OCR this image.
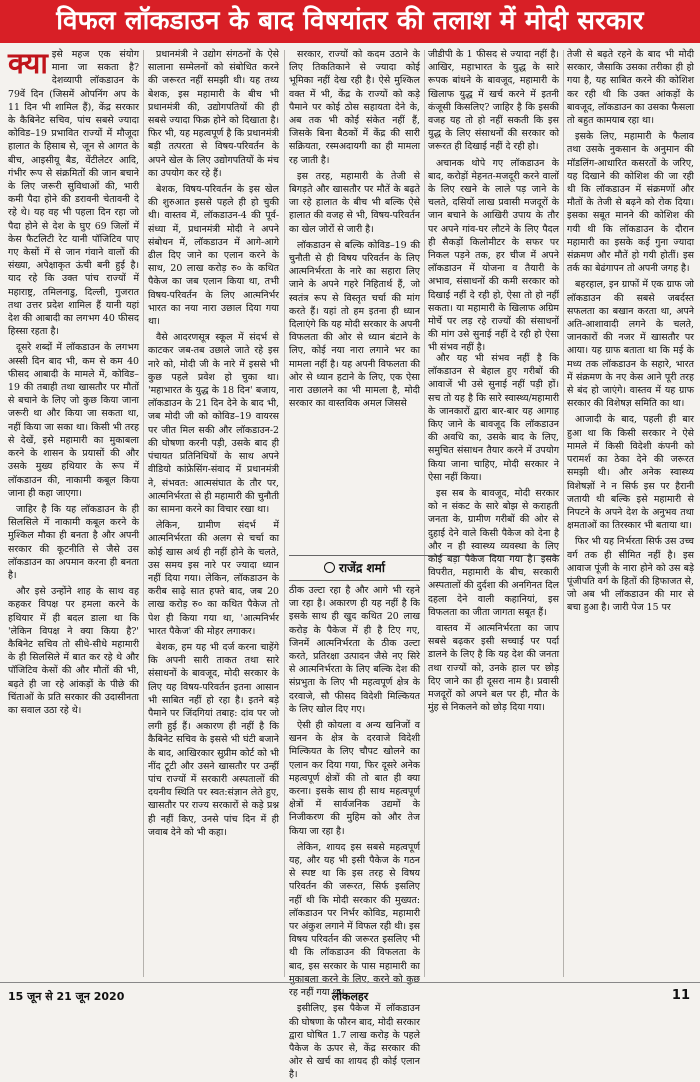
विफल लॉकडाउन के बाद विषयांतर की तलाश में मोदी सरकार
क्या इसे महज एक संयोग माना जा सकता है? देशव्यापी लॉकडाउन के 79वें दिन (जिसमें ओपनिंग अप के 11 दिन भी शामिल हैं), केंद्र सरकार के कैबिनेट सचिव, पांच सबसे ज्यादा कोविड–19 प्रभावित राज्यों में मौजूदा हालात के हिसाब से, जून से आगत के बीच, आइसीयू बैड, वेंटीलेटर आदि, गंभीर रूप से संक्रमितों की जान बचाने के लिए जरूरी सुविधाओं की, भारी कमी पैदा होने की डरावनी चेतावनी दे रहे थे। यह वह भी पहला दिन रहा जो पैदा होने से देश के घुए 69 जिलों में केस फैटलिटी रेट यानी पॉजिटिव पाए गए केसों में से जान गंवाने वालों की संख्या, अपेक्षाकृत ऊंची बनी हुई है। याद रहे कि उक्त पांच राज्यों में महाराष्ट्र, तमिलनाडु, दिल्ली, गुजरात तथा उत्तर प्रदेश शामिल हैं यानी यहां देश की आबादी का लगभग 40 फीसद हिस्सा रहता है।

दूसरे शब्दों में लॉकडाउन के लगभग अस्सी दिन बाद भी, कम से कम 40 फीसद आबादी के मामले में, कोविड–19 की तबाही तथा खासतौर पर मौतों से बचाने के लिए जो कुछ किया जाना जरूरी था और किया जा सकता था, नहीं किया जा सका था। किसी भी तरह से देखें, इसे महामारी का मुकाबला करने के शासन के प्रयासों की और उसके मुख्य हथियार के रूप में लॉकडाउन की, नाकामी कबूल किया जाना ही कहा जाएगा।

जाहिर है कि यह लॉकडाउन के ही सिलसिले में नाकामी कबूल करने के मुश्किल मौका ही बनता है और अपनी सरकार की कूटनीति से जैसे उस लॉकडाउन का अपमान करना ही बनता है।

और इसे उन्होंने शाह के साथ वह कहकर विपक्ष पर हमला करने के हथियार में ही बदल डाला था कि 'लेकिन विपक्ष ने क्या किया है?' कैबिनेट सचिव तो सीधे-सीधे महामारी के ही सिलसिले में बात कर रहे थे और पॉजिटिव केसों की और मौतों की भी, बढ़ते ही जा रहे आंकड़ों के पीछे की चिंताओं के प्रति सरकार की उदासीनता का सवाल उठा रहे थे।

प्रधानमंत्री ने उद्योग संगठनों के ऐसे सालाना सम्मेलनों को संबोधित करने की जरूरत नहीं समझी थी। यह तथ्य बेशक, इस महामारी के बीच भी प्रधानमंत्री की, उद्योगपतियों की ही सबसे ज्यादा फिक्र होने को दिखाता है। फिर भी, यह महत्वपूर्ण है कि प्रधानमंत्री बड़ी तत्परता से विषय-परिवर्तन के अपने खेल के लिए उद्योगपतियों के मंच का उपयोग कर रहे हैं।

बेशक, विषय-परिवर्तन के इस खेल की शुरुआत इससे पहले ही हो चुकी थी। वास्तव में, लॉकडाउन-4 की पूर्व-संध्या में, प्रधानमंत्री मोदी ने अपने संबोधन में, लॉकडाउन में आगे-आगे ढील दिए जाने का एलान करने के साथ, 20 लाख करोड़ रु० के कथित पैकेज का जब एलान किया था, तभी विषय-परिवर्तन के लिए आत्मनिर्भर भारत का नया नारा उछाल दिया गया था।

वैसे आदरणसूत्र स्कूल में संदर्भ से काटकर जब-तब उछाले जाते रहे इस नारे को, मोदी जी के नारे में इससे भी कुछ पहले प्रवेश हो चुका था। 'महाभारत के युद्ध के 18 दिन' बजाय, लॉकडाउन के 21 दिन देने के बाद भी, जब मोदी जी को कोविड–19 वायरस पर जीत मिल सकी और लॉकडाउन-2 की घोषणा करनी पड़ी, उसके बाद ही पंचायत प्रतिनिधियों के साथ अपने वीडियो कांफ्रेसिंग-संवाद में प्रधानमंत्री ने, संभवत: आत्मसंघात के तौर पर, आत्मनिर्भरता से ही महामारी की चुनौती का सामना करने का विचार रखा था।

लेकिन, ग्रामीण संदर्भ में आत्मनिर्भरता की अलग से चर्चा का कोई खास अर्थ ही नहीं होने के चलते, उस समय इस नारे पर ज्यादा ध्यान नहीं दिया गया। लेकिन, लॉकडाउन के करीब साढ़े सात हफ्ते बाद, जब 20 लाख करोड़ रु० का कथित पैकेज तो पेश ही किया गया था, 'आत्मनिर्भर भारत पैकेज' की मोहर लगाकर।

बेशक, हम यह भी दर्ज करना चाहेंगे कि अपनी सारी ताकत तथा सारे संसाधनों के बावजूद, मोदी सरकार के लिए यह विषय-परिवर्तन इतना आसान भी साबित नहीं हो रहा है। इतने बड़े पैमाने पर जिंदगियां तबाह: दांव पर जो लगी हुई हैं। अकारण ही नहीं है कि कैबिनेट सचिव के इससे भी घंटी बजाने के बाद, आखिरकार सुप्रीम कोर्ट को भी नींद टूटी और उसने खासतौर पर उन्हीं पांच राज्यों में सरकारी अस्पतालों की दयनीय स्थिति पर स्वत:संज्ञान लेते हुए, खासतौर पर राज्य सरकारों से कड़े प्रश्न ही नहीं किए, उनसे पांच दिन में ही जवाब देने को भी कहा।

सरकार, राज्यों को कदम उठाने के लिए तिकतिकाने से ज्यादा कोई भूमिका नहीं देख रही है। ऐसे मुश्किल वक्त में भी, केंद्र के राज्यों को कड़े पैमाने पर कोई ठोस सहायता देने के, अब तक भी कोई संकेत नहीं हैं, जिसके बिना बैठकों में केंद्र की सारी सक्रियता, रस्मअदायगी का ही मामला रह जाती है।

इस तरह, महामारी के तेजी से बिगड़ते और खासतौर पर मौतें के बढ़ते जा रहे हालात के बीच भी बल्कि ऐसे हालात की वजह से भी, विषय-परिवर्तन का खेल जोरों से जारी है।

लॉकडाउन से बल्कि कोविड–19 की चुनौती से ही विषय परिवर्तन के लिए आत्मनिर्भरता के नारे का सहारा लिए जाने के अपने गहरे निहितार्थ हैं, जो स्वतंत्र रूप से विस्तृत चर्चा की मांग करते हैं। यहां तो हम इतना ही ध्यान दिलाएंगे कि यह मोदी सरकार के अपनी विफलता की ओर से ध्यान बंटाने के लिए, कोई नया नारा लगाने भर का मामला नहीं है। यह अपनी विफलता की ओर से ध्यान हटाने के लिए, एक ऐसा नारा उछालने का भी मामला है, मोदी सरकार का वास्तविक अमल जिससे

जीडीपी के 1 फीसद से ज्यादा नहीं है। आखिर, महाभारत के युद्ध के सारे रूपक बांधने के बावजूद, महामारी के खिलाफ युद्ध में खर्च करने में इतनी कंजूसी किसलिए? जाहिर है कि इसकी वजह यह तो हो नहीं सकती कि इस युद्ध के लिए संसाधनों की सरकार को जरूरत ही दिखाई नहीं दे रही हो।

अचानक थोपे गए लॉकडाउन के बाद, करोड़ों मेहनत-मजदूरी करने वालों के लिए रखने के लाले पड़ जाने के चलते, दसियों लाख प्रवासी मजदूरों के जान बचाने के आखिरी उपाय के तौर पर अपने गांव-घर लौटने के लिए पैदल ही सैकड़ों किलोमीटर के सफर पर निकल पड़ने तक, हर चीज में अपने लॉकडाउन में योजना व तैयारी के अभाव, संसाधनों की कमी सरकार को दिखाई नहीं दे रही हो, ऐसा तो हो नहीं सकता। या महामारी के खिलाफ अग्रिम मोर्चे पर लड़ रहे राज्यों की संसाधनों की मांग उसे सुनाई नहीं दे रही हो ऐसा भी संभव नहीं है।

राजेंद्र शर्मा

ठीक उल्टा रहा है और आगे भी रहने जा रहा है। अकारण ही यह नहीं है कि इसके साथ ही खुद कथित 20 लाख करोड़ के पैकेज में ही है टिए गए, जिनमें आत्मनिर्भरता के ठीक उल्टा करते, प्रतिरक्षा उत्पादन जैसे नए सिरे से आत्मनिर्भरता के लिए बल्कि देश की संप्रभुता के लिए भी महत्वपूर्ण क्षेत्र के दरवाजे, सौ फीसद विदेशी मिल्कियत के लिए खोल दिए गए।

ऐसी ही कोयला व अन्य खनिजों व खनन के क्षेत्र के दरवाजे विदेशी मिल्कियत के लिए चौपट खोलने का एलान कर दिया गया, फिर दूसरे अनेक महत्वपूर्ण क्षेत्रों की तो बात ही क्या करना। इसके साथ ही साथ महत्वपूर्ण क्षेत्रों में सार्वजनिक उद्यमों के निजीकरण की मुहिम को और तेज किया जा रहा है।

लेकिन, शायद इस सबसे महत्वपूर्ण यह, और यह भी इसी पैकेज के गठन से स्पष्ट था कि इस तरह से विषय परिवर्तन की जरूरत, सिर्फ इसलिए नहीं थी कि मोदी सरकार की मुख्यत: लॉकडाउन पर निर्भर कोविड, महामारी पर अंकुश लगाने में विफल रही थी। इस विषय परिवर्तन की जरूरत इसलिए भी थी कि लॉकडाउन की विफलता के बाद, इस सरकार के पास महामारी का मुकाबला करने के लिए, करने को कुछ रह नहीं गया था।

इसीलिए, इस पैकेज में लॉकडाउन की घोषणा के फौरन बाद, मोदी सरकार द्वारा घोषित 1.7 लाख करोड़ के पहले पैकेज के ऊपर से, केंद्र सरकार की ओर से खर्च का शायद ही कोई एलान है।

और यह भी संभव नहीं है कि लॉकडाउन से बेहाल हुए गरीबों की आवाजें भी उसे सुनाई नहीं पड़ी हों। सच तो यह है कि सारे स्वास्थ्य/महामारी के जानकारों द्वारा बार-बार यह आगाह किए जाने के बावजूद कि लॉकडाउन की अवधि का, उसके बाद के लिए, समुचित संसाधन तैयार करने में उपयोग किया जाना चाहिए, मोदी सरकार ने ऐसा नहीं किया।

इस सब के बावजूद, मोदी सरकार को न संकट के सारे बोझ से कराहती जनता के, ग्रामीण गरीबों की ओर से दुहाई देने वाले किसी पैकेज को देना है और न ही स्वास्थ्य व्यवस्था के लिए कोई बड़ा पैकेज दिया गया है। इसके विपरीत, महामारी के बीच, सरकारी अस्पतालों की दुर्दशा की अनगिनत दिल दहला देने वाली कहानियां, इस विफलता का जीता जागता सबूत हैं।

वास्तव में आत्मनिर्भरता का जाप सबसे बढ़कर इसी सच्चाई पर पर्दा डालने के लिए है कि यह देश की जनता तथा राज्यों को, उनके हाल पर छोड़ दिए जाने का ही दूसरा नाम है। प्रवासी मजदूरों को अपने बल पर ही, मौत के मुंह से निकलने को छोड़ दिया गया।

तेजी से बढ़ते रहने के बाद भी मोदी सरकार, जैसाकि उसका तरीका ही हो गया है, यह साबित करने की कोशिश कर रही थी कि उक्त आंकड़ों के बावजूद, लॉकडाउन का उसका फैसला तो बहुत कामयाब रहा था।

इसके लिए, महामारी के फैलाव तथा उसके नुकसान के अनुमान की मॉडलिंग-आधारित कसरतों के जरिए, यह दिखाने की कोशिश की जा रही थी कि लॉकडाउन में संक्रमणों और मौतों के तेजी से बढ़ने को रोक दिया। इसका सबूत मानने की कोशिश की गयी थी कि लॉकडाउन के दौरान महामारी का इसके कई गुना ज्यादा संक्रमण और मौतें हो गयी होतीं। इस तर्क का बेढंगापन तो अपनी जगह है।

बहरहाल, इन ग्राफों में एक ग्राफ जो लॉकडाउन की सबसे जबर्दस्त सफलता का बखान करता था, अपने अति-आशावादी लगने के चलते, जानकारों की नजर में खासतौर पर आया। यह ग्राफ बताता था कि मई के मध्य तक लॉकडाउन के सहारे, भारत में संक्रमण के नए केस आने पूरी तरह से बंद हो जाएंगे। वास्तव में यह ग्राफ सरकार की विशेषज्ञ समिति का था।

आजादी के बाद, पहली ही बार हुआ था कि किसी सरकार ने ऐसे मामले में किसी विदेशी कंपनी को परामर्श का ठेका देने की जरूरत समझी थी। और अनेक स्वास्थ्य विशेषज्ञों ने न सिर्फ इस पर हैरानी जतायी थी बल्कि इसे महामारी से निपटने के अपने देश के अनुभव तथा क्षमताओं का तिरस्कार भी बताया था।

फिर भी यह निर्भरता सिर्फ उस उच्च वर्ग तक ही सीमित नहीं है। इस आवाज पूंजी के नारा होने को उस बड़े पूंजीपति वर्ग के हितों की हिफाजत से, जो अब भी लॉकडाउन की मार से बचा हुआ है। जारी पेज 15 पर

15 जून से 21 जून 2020	लोकलहर	11
